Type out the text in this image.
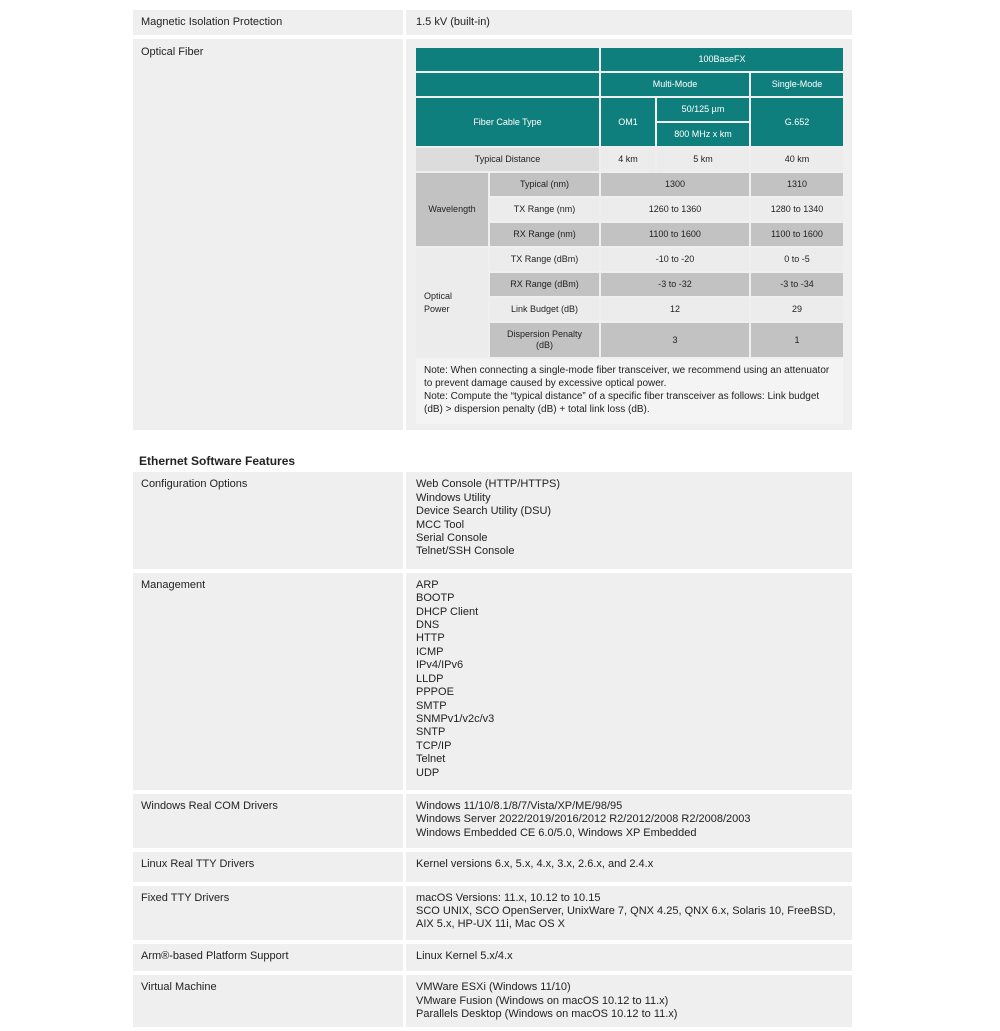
Magnetic Isolation Protection	1.5 kV (built-in)
Optical Fiber
		100BaseFX		
		Multi-Mode		Single-Mode
Fiber Cable Type		OM1	50/125 µm	G.652
			800 MHz x km	
Typical Distance		4 km	5 km	40 km
Wavelength	Typical (nm)	1300		1310
	TX Range (nm)	1260 to 1360		1280 to 1340
	RX Range (nm)	1100 to 1600		1100 to 1600
Optical
Power	TX Range (dBm)	-10 to -20		0 to -5
	RX Range (dBm)	-3 to -32		-3 to -34
	Link Budget (dB)	12		29
	Dispersion Penalty
(dB)	3		1
Note: When connecting a single-mode fiber transceiver, we recommend using an attenuator to prevent damage caused by excessive optical power.
Note: Compute the “typical distance” of a specific fiber transceiver as follows: Link budget (dB) > dispersion penalty (dB) + total link loss (dB).
Ethernet Software Features
Configuration Options	Web Console (HTTP/HTTPS)
Windows Utility
Device Search Utility (DSU)
MCC Tool
Serial Console
Telnet/SSH Console
Management	ARP
BOOTP
DHCP Client
DNS
HTTP
ICMP
IPv4/IPv6
LLDP
PPPOE
SMTP
SNMPv1/v2c/v3
SNTP
TCP/IP
Telnet
UDP
Windows Real COM Drivers	Windows 11/10/8.1/8/7/Vista/XP/ME/98/95
Windows Server 2022/2019/2016/2012 R2/2012/2008 R2/2008/2003
Windows Embedded CE 6.0/5.0, Windows XP Embedded
Linux Real TTY Drivers	Kernel versions 6.x, 5.x, 4.x, 3.x, 2.6.x, and 2.4.x
Fixed TTY Drivers	macOS Versions: 11.x, 10.12 to 10.15
SCO UNIX, SCO OpenServer, UnixWare 7, QNX 4.25, QNX 6.x, Solaris 10, FreeBSD, AIX 5.x, HP-UX 11i, Mac OS X
Arm®-based Platform Support	Linux Kernel 5.x/4.x
Virtual Machine	VMWare ESXi (Windows 11/10)
VMware Fusion (Windows on macOS 10.12 to 11.x)
Parallels Desktop (Windows on macOS 10.12 to 11.x)
